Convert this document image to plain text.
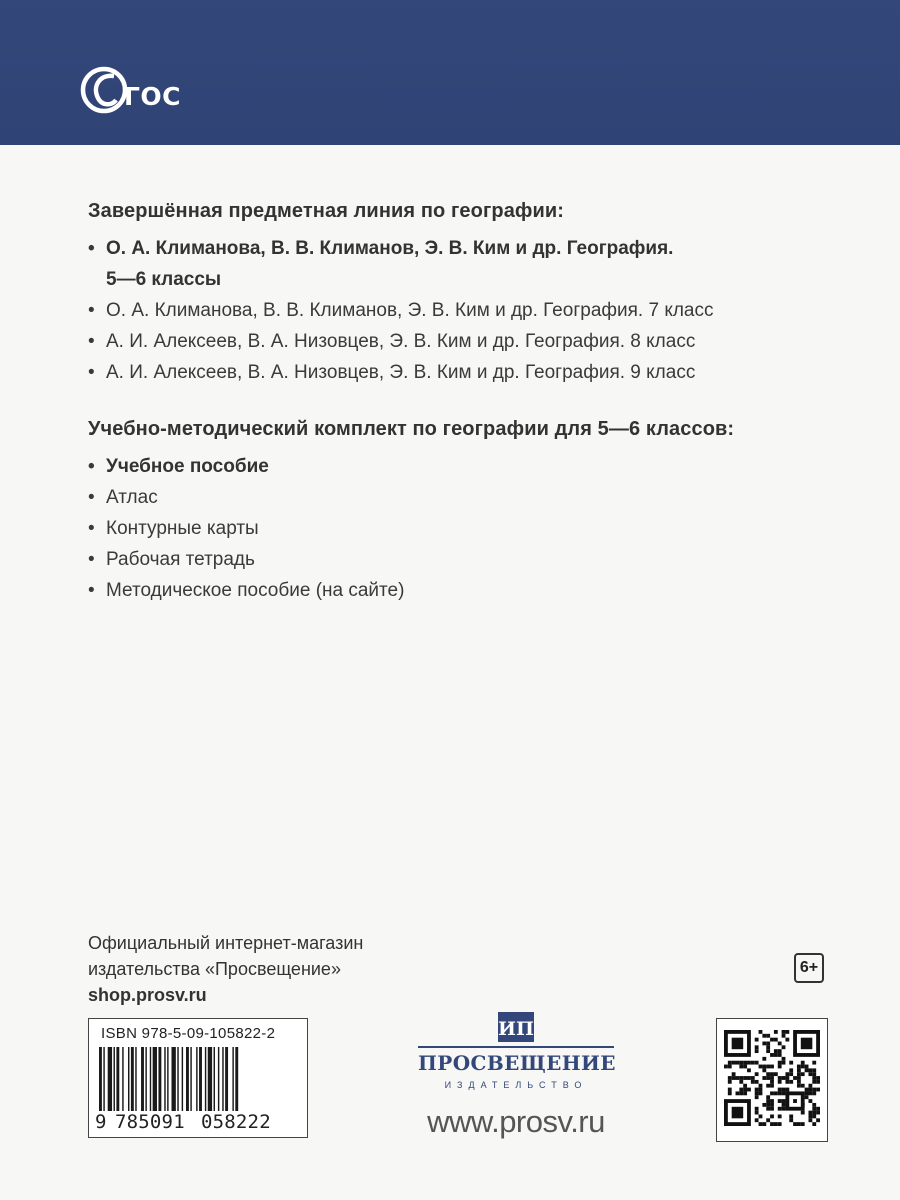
ГОС
Завершённая предметная линия по географии:
• О. А. Климанова, В. В. Климанов, Э. В. Ким и др. География.
5—6 классы
• О. А. Климанова, В. В. Климанов, Э. В. Ким и др. География. 7 класс
• А. И. Алексеев, В. А. Низовцев, Э. В. Ким и др. География. 8 класс
• А. И. Алексеев, В. А. Низовцев, Э. В. Ким и др. География. 9 класс
Учебно-методический комплект по географии для 5—6 классов:
• Учебное пособие
• Атлас
• Контурные карты
• Рабочая тетрадь
• Методическое пособие (на сайте)
Официальный интернет-магазин
издательства «Просвещение»
shop.prosv.ru
6+
ISBN 978-5-09-105822-2
9 785091 058222
ИП
ПРОСВЕЩЕНИЕ
ИЗДАТЕЛЬСТВО
www.prosv.ru
